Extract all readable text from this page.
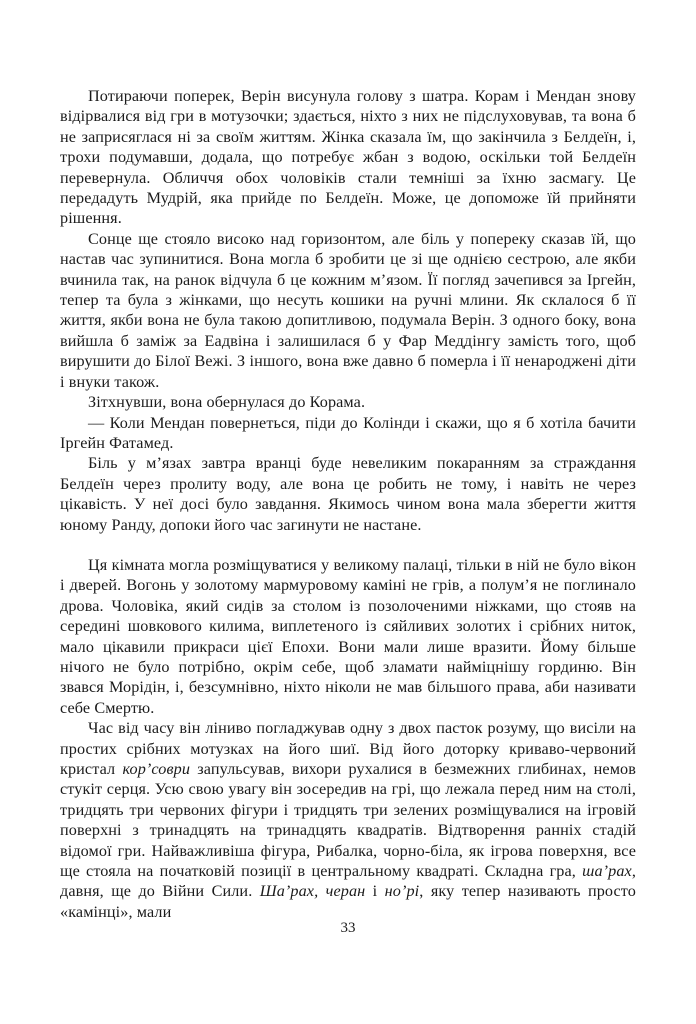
Потираючи поперек, Верін висунула голову з шатра. Корам і Мендан знову відірвалися від гри в мотузочки; здається, ніхто з них не підслуховував, та вона б не заприсяглася ні за своїм життям. Жінка сказала їм, що закінчила з Белдеїн, і, трохи подумавши, додала, що потребує жбан з водою, оскільки той Белдеїн перевернула. Обличчя обох чоловіків стали темніші за їхню засмагу. Це передадуть Мудрій, яка прийде по Белдеїн. Може, це допоможе їй прийняти рішення.

Сонце ще стояло високо над горизонтом, але біль у попереку сказав їй, що настав час зупинитися. Вона могла б зробити це зі ще однією сестрою, але якби вчинила так, на ранок відчула б це кожним м’язом. Її погляд зачепився за Іргейн, тепер та була з жінками, що несуть кошики на ручні млини. Як склалося б її життя, якби вона не була такою допитливою, подумала Верін. З одного боку, вона вийшла б заміж за Еадвіна і залишилася б у Фар Меддінгу замість того, щоб вирушити до Білої Вежі. З іншого, вона вже давно б померла і її ненароджені діти і внуки також.

Зітхнувши, вона обернулася до Корама.

— Коли Мендан повернеться, піди до Колінди і скажи, що я б хотіла бачити Іргейн Фатамед.

Біль у м’язах завтра вранці буде невеликим покаранням за страждання Белдеїн через пролиту воду, але вона це робить не тому, і навіть не через цікавість. У неї досі було завдання. Якимось чином вона мала зберегти життя юному Ранду, допоки його час загинути не настане.

Ця кімната могла розміщуватися у великому палаці, тільки в ній не було вікон і дверей. Вогонь у золотому мармуровому каміні не грів, а полум’я не поглинало дрова. Чоловіка, який сидів за столом із позолоченими ніжками, що стояв на середині шовкового килима, виплетеного із сяйливих золотих і срібних ниток, мало цікавили прикраси цієї Епохи. Вони мали лише вразити. Йому більше нічого не було потрібно, окрім себе, щоб зламати найміцнішу гординю. Він звався Морідін, і, безсумнівно, ніхто ніколи не мав більшого права, аби називати себе Смертю.

Час від часу він ліниво погладжував одну з двох пасток розуму, що висіли на простих срібних мотузках на його шиї. Від його доторку криваво-червоний кристал кор’соври запульсував, вихори рухалися в безмежних глибинах, немов стукіт серця. Усю свою увагу він зосередив на грі, що лежала перед ним на столі, тридцять три червоних фігури і тридцять три зелених розміщувалися на ігровій поверхні з тринадцять на тринадцять квадратів. Відтворення ранніх стадій відомої гри. Найважливіша фігура, Рибалка, чорно-біла, як ігрова поверхня, все ще стояла на початковій позиції в центральному квадраті. Складна гра, ша’рах, давня, ще до Війни Сили. Ша’рах, черан і но’рі, яку тепер називають просто «камінці», мали

33
